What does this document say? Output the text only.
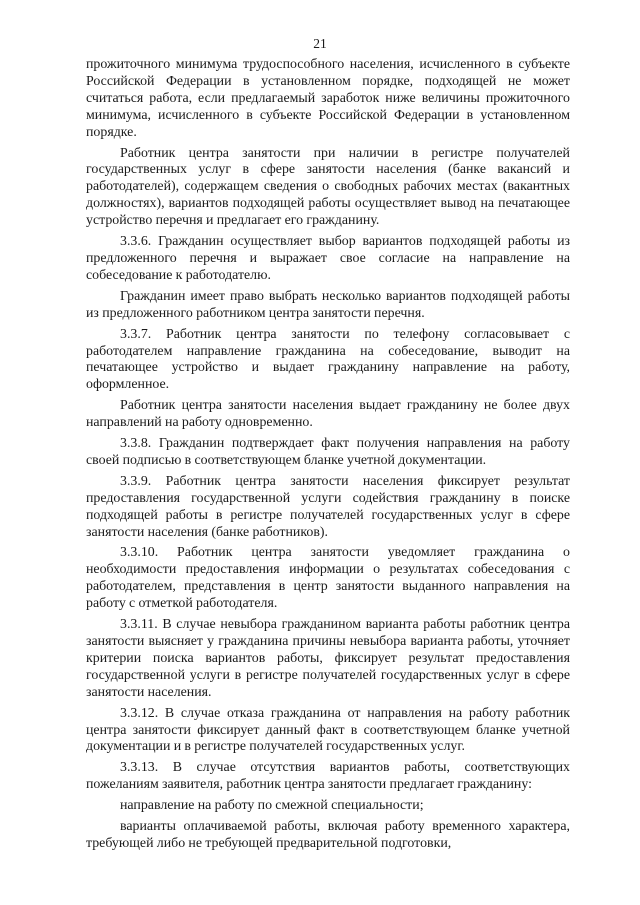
21

прожиточного минимума трудоспособного населения, исчисленного в субъекте Российской Федерации в установленном порядке, подходящей не может считаться работа, если предлагаемый заработок ниже величины прожиточного минимума, исчисленного в субъекте Российской Федерации в установленном порядке.

Работник центра занятости при наличии в регистре получателей государственных услуг в сфере занятости населения (банке вакансий и работодателей), содержащем сведения о свободных рабочих местах (вакантных должностях), вариантов подходящей работы осуществляет вывод на печатающее устройство перечня и предлагает его гражданину.

3.3.6. Гражданин осуществляет выбор вариантов подходящей работы из предложенного перечня и выражает свое согласие на направление на собеседование к работодателю.

Гражданин имеет право выбрать несколько вариантов подходящей работы из предложенного работником центра занятости перечня.

3.3.7. Работник центра занятости по телефону согласовывает с работодателем направление гражданина на собеседование, выводит на печатающее устройство и выдает гражданину направление на работу, оформленное.

Работник центра занятости населения выдает гражданину не более двух направлений на работу одновременно.

3.3.8. Гражданин подтверждает факт получения направления на работу своей подписью в соответствующем бланке учетной документации.

3.3.9. Работник центра занятости населения фиксирует результат предоставления государственной услуги содействия гражданину в поиске подходящей работы в регистре получателей государственных услуг в сфере занятости населения (банке работников).

3.3.10. Работник центра занятости уведомляет гражданина о необходимости предоставления информации о результатах собеседования с работодателем, представления в центр занятости выданного направления на работу с отметкой работодателя.

3.3.11. В случае невыбора гражданином варианта работы работник центра занятости выясняет у гражданина причины невыбора варианта работы, уточняет критерии поиска вариантов работы, фиксирует результат предоставления государственной услуги в регистре получателей государственных услуг в сфере занятости населения.

3.3.12. В случае отказа гражданина от направления на работу работник центра занятости фиксирует данный факт в соответствующем бланке учетной документации и в регистре получателей государственных услуг.

3.3.13. В случае отсутствия вариантов работы, соответствующих пожеланиям заявителя, работник центра занятости предлагает гражданину:

направление на работу по смежной специальности;

варианты оплачиваемой работы, включая работу временного характера, требующей либо не требующей предварительной подготовки,
